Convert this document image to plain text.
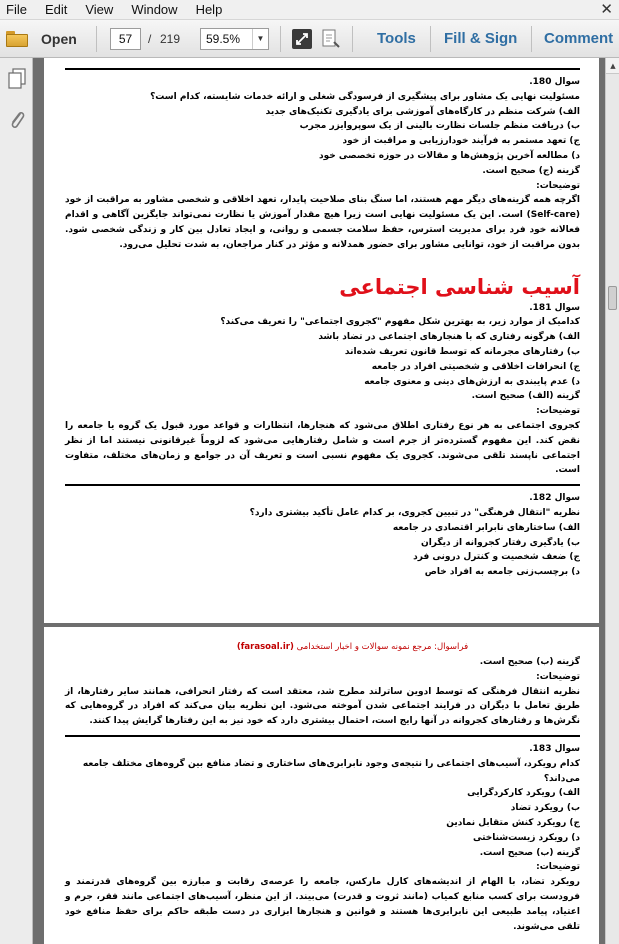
File	Edit	View	Window	Help	✕
Open	57	/ 219 59.5%	▼	Tools Fill & Sign Comment
سوال 180.
مسئولیت نهایی یک مشاور برای پیشگیری از فرسودگی شغلی و ارائه خدمات شایسته، کدام است؟
الف) شرکت منظم در کارگاه‌های آموزشی برای یادگیری تکنیک‌های جدید
ب) دریافت منظم جلسات نظارت بالینی از یک سوپروایزر مجرب
ج) تعهد مستمر به فرآیند خودارزیابی و مراقبت از خود
د) مطالعه آخرین پژوهش‌ها و مقالات در حوزه تخصصی خود
گزینه (ج) صحیح است.
توضیحات:
اگرچه همه گزینه‌های دیگر مهم هستند، اما سنگ بنای صلاحیت پایدار، تعهد اخلاقی و شخصی مشاور به مراقبت از خود (Self-care) است. این یک مسئولیت نهایی است زیرا هیچ مقدار آموزش یا نظارت نمی‌تواند جایگزین آگاهی و اقدام فعالانه خود فرد برای مدیریت استرس، حفظ سلامت جسمی و روانی، و ایجاد تعادل بین کار و زندگی شخصی شود. بدون مراقبت از خود، توانایی مشاور برای حضور همدلانه و مؤثر در کنار مراجعان، به شدت تحلیل می‌رود.
آسیب شناسی اجتماعی
سوال 181.
کدامیک از موارد زیر، به بهترین شکل مفهوم "کجروی اجتماعی" را تعریف می‌کند؟
الف) هرگونه رفتاری که با هنجارهای اجتماعی در تضاد باشد
ب) رفتارهای مجرمانه که توسط قانون تعریف شده‌اند
ج) انحرافات اخلاقی و شخصیتی افراد در جامعه
د) عدم پایبندی به ارزش‌های دینی و معنوی جامعه
گزینه (الف) صحیح است.
توضیحات:
کجروی اجتماعی به هر نوع رفتاری اطلاق می‌شود که هنجارها، انتظارات و قواعد مورد قبول یک گروه یا جامعه را نقض کند. این مفهوم گسترده‌تر از جرم است و شامل رفتارهایی می‌شود که لزوماً غیرقانونی نیستند اما از نظر اجتماعی ناپسند تلقی می‌شوند. کجروی یک مفهوم نسبی است و تعریف آن در جوامع و زمان‌های مختلف، متفاوت است.
سوال 182.
نظریه "انتقال فرهنگی" در تبیین کجروی، بر کدام عامل تأکید بیشتری دارد؟
الف) ساختارهای نابرابر اقتصادی در جامعه
ب) یادگیری رفتار کجروانه از دیگران
ج) ضعف شخصیت و کنترل درونی فرد
د) برچسب‌زنی جامعه به افراد خاص
فراسوال: مرجع نمونه سوالات و اخبار استخدامی (farasoal.ir)
گزینه (ب) صحیح است.
توضیحات:
نظریه انتقال فرهنگی که توسط ادوین ساترلند مطرح شد، معتقد است که رفتار انحرافی، همانند سایر رفتارها، از طریق تعامل با دیگران در فرایند اجتماعی شدن آموخته می‌شود. این نظریه بیان می‌کند که افراد در گروه‌هایی که نگرش‌ها و رفتارهای کجروانه در آنها رایج است، احتمال بیشتری دارد که خود نیز به این رفتارها گرایش پیدا کنند.
سوال 183.
کدام رویکرد، آسیب‌های اجتماعی را نتیجه‌ی وجود نابرابری‌های ساختاری و تضاد منافع بین گروه‌های مختلف جامعه می‌داند؟
الف) رویکرد کارکردگرایی
ب) رویکرد تضاد
ج) رویکرد کنش متقابل نمادین
د) رویکرد زیست‌شناختی
گزینه (ب) صحیح است.
توضیحات:
رویکرد تضاد، با الهام از اندیشه‌های کارل مارکس، جامعه را عرصه‌ی رقابت و مبارزه بین گروه‌های قدرتمند و فرودست برای کسب منابع کمیاب (مانند ثروت و قدرت) می‌بیند. از این منظر، آسیب‌های اجتماعی مانند فقر، جرم و اعتیاد، پیامد طبیعی این نابرابری‌ها هستند و قوانین و هنجارها ابزاری در دست طبقه حاکم برای حفظ منافع خود تلقی می‌شوند.
▲
